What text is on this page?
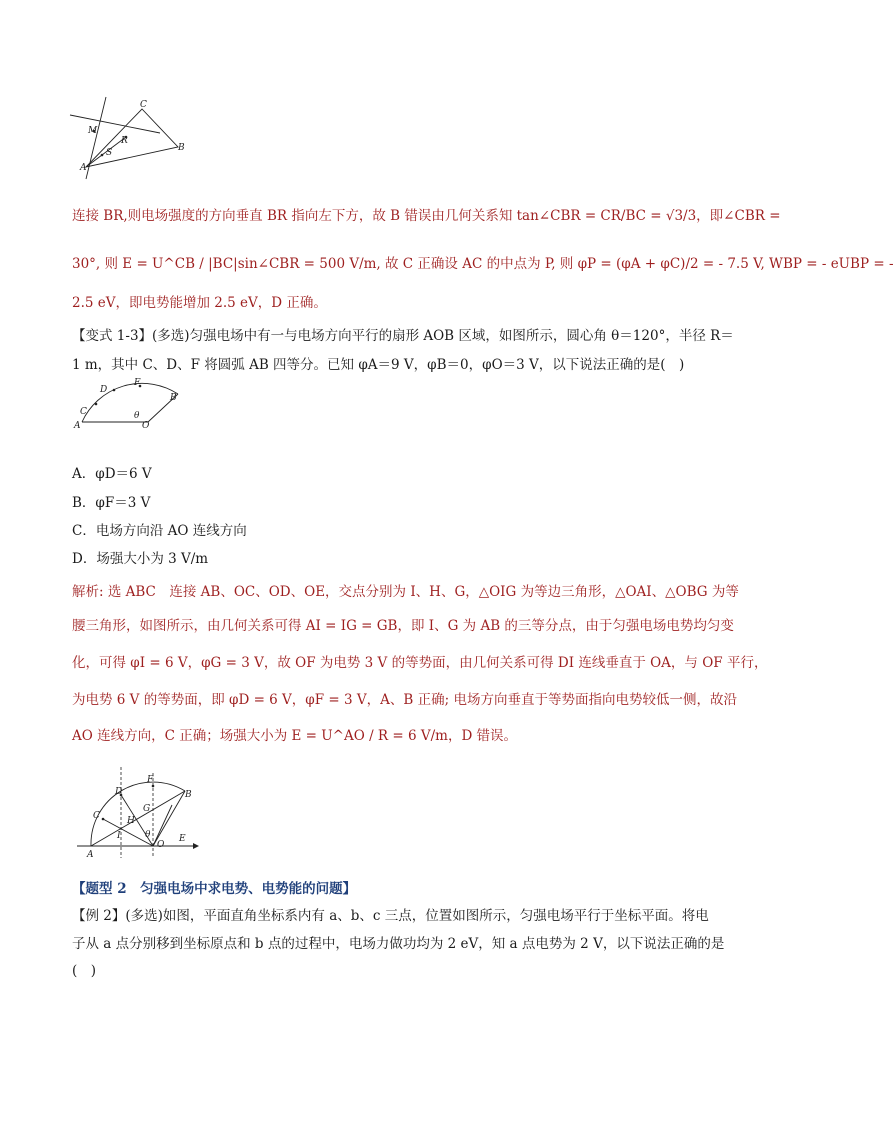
C
M
R
S
A
B
连接 BR,则电场强度的方向垂直 BR 指向左下方，故 B 错误由几何关系知 tan∠CBR = CR/BC = √3/3，即∠CBR =
30°, 则 E = U^CB / |BC|sin∠CBR = 500 V/m, 故 C 正确设 AC 的中点为 P, 则 φP = (φA + φC)/2 = - 7.5 V, WBP = - eUBP = -
2.5 eV，即电势能增加 2.5 eV，D 正确。
【变式 1-3】(多选)匀强电场中有一与电场方向平行的扇形 AOB 区域，如图所示，圆心角 θ＝120°，半径 R＝
1 m，其中 C、D、F 将圆弧 AB 四等分。已知 φA＝9 V，φB＝0，φO＝3 V，以下说法正确的是(　)
D
F
B
C	θ
A	O
A．φD＝6 V
B．φF＝3 V
C．电场方向沿 AO 连线方向
D．场强大小为 3 V/m
解析: 选 ABC　连接 AB、OC、OD、OE，交点分别为 I、H、G，△OIG 为等边三角形，△OAI、△OBG 为等
腰三角形，如图所示，由几何关系可得 AI = IG = GB，即 I、G 为 AB 的三等分点，由于匀强电场电势均匀变
化，可得 φI = 6 V，φG = 3 V，故 OF 为电势 3 V 的等势面，由几何关系可得 DI 连线垂直于 OA，与 OF 平行，
为电势 6 V 的等势面，即 φD = 6 V，φF = 3 V，A、B 正确; 电场方向垂直于等势面指向电势较低一侧，故沿
AO 连线方向，C 正确；场强大小为 E = U^AO / R = 6 V/m，D 错误。
F
D	B
G
C	H
I	θ	E
A
O
【题型 2　匀强电场中求电势、电势能的问题】
【例 2】(多选)如图，平面直角坐标系内有 a、b、c 三点，位置如图所示，匀强电场平行于坐标平面。将电
子从 a 点分别移到坐标原点和 b 点的过程中，电场力做功均为 2 eV，知 a 点电势为 2 V，以下说法正确的是
(　)
